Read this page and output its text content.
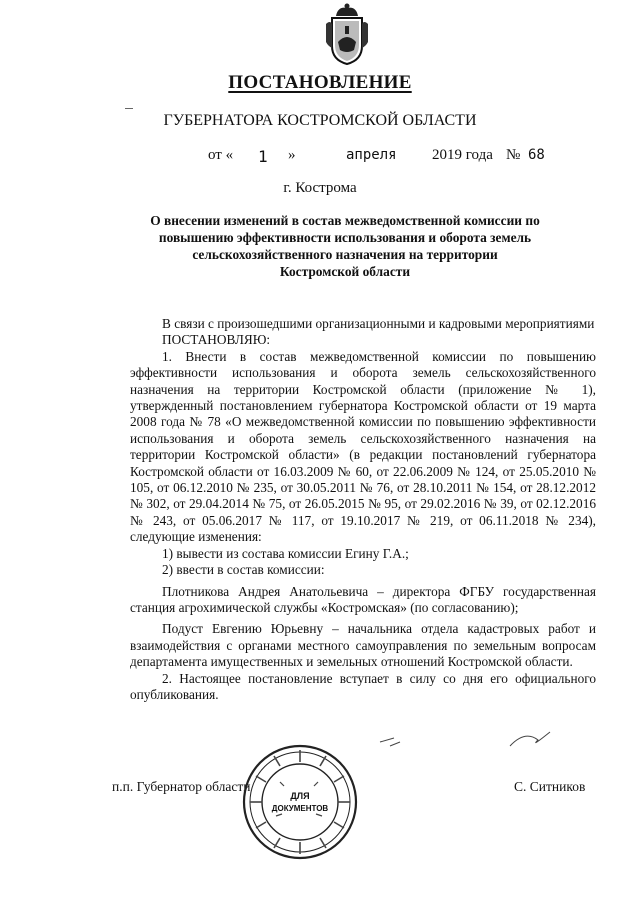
ПОСТАНОВЛЕНИЕ
ГУБЕРНАТОРА КОСТРОМСКОЙ ОБЛАСТИ
от « 1 »	апреля 2019 года № 68
г. Кострома
О внесении изменений в состав межведомственной комиссии по
повышению эффективности использования и оборота земель
сельскохозяйственного назначения на территории
Костромской области

В связи с произошедшими организационными и кадровыми мероприятиями

ПОСТАНОВЛЯЮ:

1. Внести в состав межведомственной комиссии по повышению эффективности использования и оборота земель сельскохозяйственного назначения на территории Костромской области (приложение № 1), утвержденный постановлением губернатора Костромской области от 19 марта 2008 года № 78 «О межведомственной комиссии по повышению эффективности использования и оборота земель сельскохозяйственного назначения на территории Костромской области» (в редакции постановлений губернатора Костромской области от 16.03.2009 № 60, от 22.06.2009 № 124, от 25.05.2010 № 105, от 06.12.2010 № 235, от 30.05.2011 № 76, от 28.10.2011 № 154, от 28.12.2012 № 302, от 29.04.2014 № 75, от 26.05.2015 № 95, от 29.02.2016 № 39, от 02.12.2016 № 243, от 05.06.2017 № 117, от 19.10.2017 № 219, от 06.11.2018 № 234), следующие изменения:

1) вывести из состава комиссии Егину Г.А.;

2) ввести в состав комиссии:

Плотникова Андрея Анатольевича – директора ФГБУ государственная станция агрохимической службы «Костромская» (по согласованию);

Подуст Евгению Юрьевну – начальника отдела кадастровых работ и взаимодействия с органами местного самоуправления по земельным вопросам департамента имущественных и земельных отношений Костромской области.

2. Настоящее постановление вступает в силу со дня его официального опубликования.

п.п. Губернатор области	С. Ситников
ДЛЯ
ДОКУМЕНТОВ
